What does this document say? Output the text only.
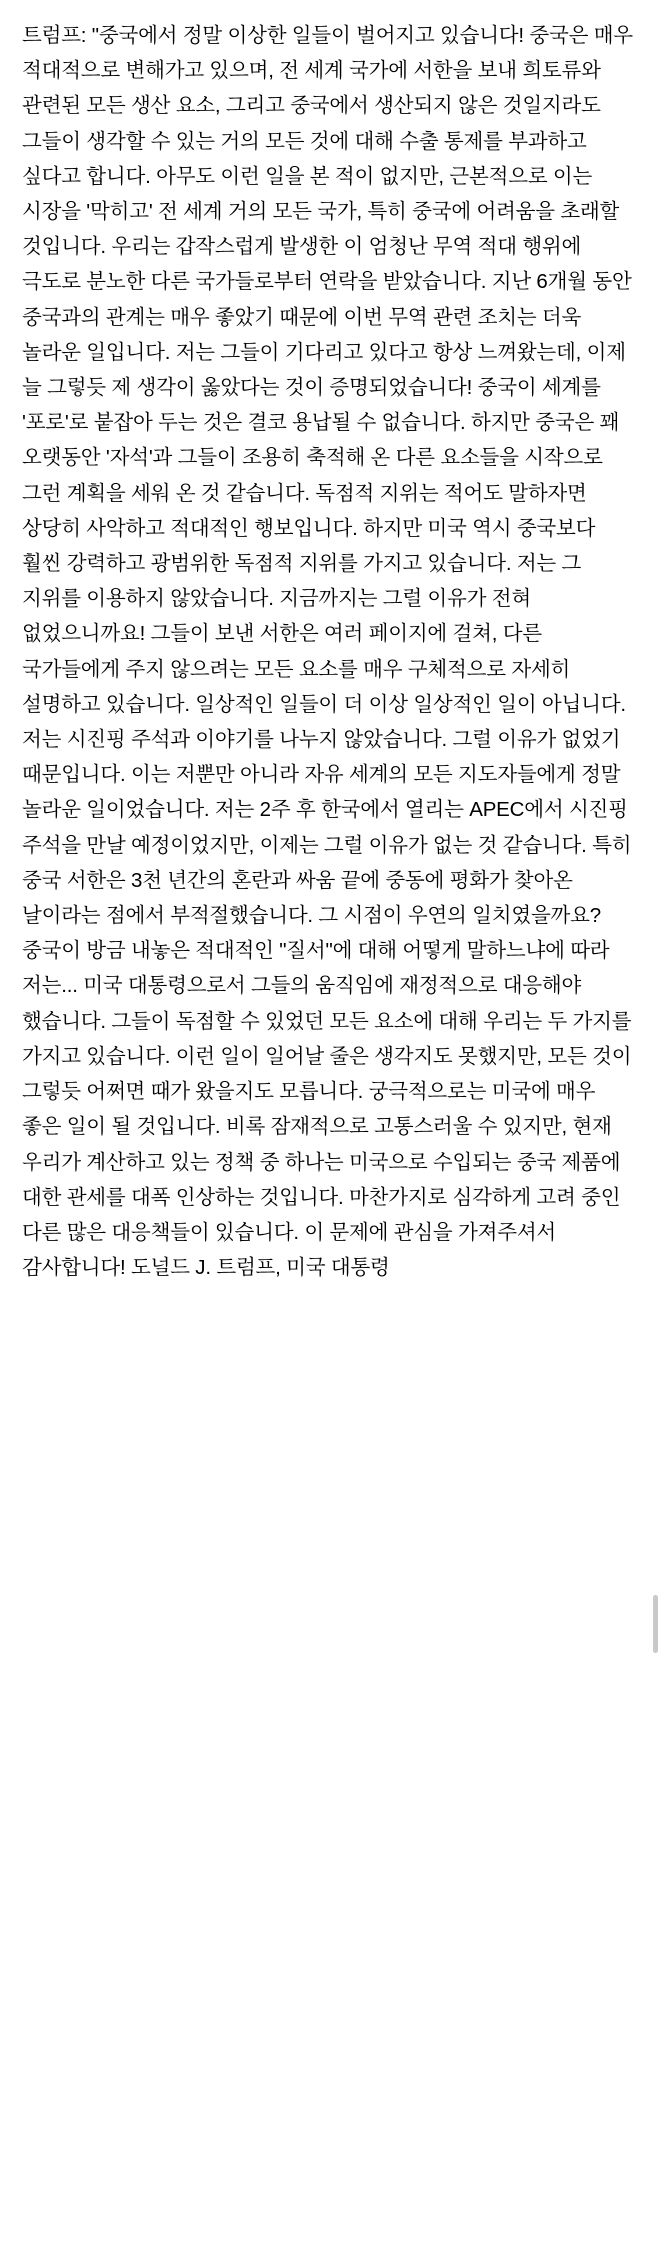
트럼프: "중국에서 정말 이상한 일들이 벌어지고 있습니다! 중국은 매우 적대적으로 변해가고 있으며, 전 세계 국가에 서한을 보내 희토류와 관련된 모든 생산 요소, 그리고 중국에서 생산되지 않은 것일지라도 그들이 생각할 수 있는 거의 모든 것에 대해 수출 통제를 부과하고 싶다고 합니다. 아무도 이런 일을 본 적이 없지만, 근본적으로 이는 시장을 '막히고' 전 세계 거의 모든 국가, 특히 중국에 어려움을 초래할 것입니다. 우리는 갑작스럽게 발생한 이 엄청난 무역 적대 행위에 극도로 분노한 다른 국가들로부터 연락을 받았습니다. 지난 6개월 동안 중국과의 관계는 매우 좋았기 때문에 이번 무역 관련 조치는 더욱 놀라운 일입니다. 저는 그들이 기다리고 있다고 항상 느껴왔는데, 이제 늘 그렇듯 제 생각이 옳았다는 것이 증명되었습니다! 중국이 세계를 '포로'로 붙잡아 두는 것은 결코 용납될 수 없습니다. 하지만 중국은 꽤 오랫동안 '자석'과 그들이 조용히 축적해 온 다른 요소들을 시작으로 그런 계획을 세워 온 것 같습니다. 독점적 지위는 적어도 말하자면 상당히 사악하고 적대적인 행보입니다. 하지만 미국 역시 중국보다 훨씬 강력하고 광범위한 독점적 지위를 가지고 있습니다. 저는 그 지위를 이용하지 않았습니다. 지금까지는 그럴 이유가 전혀 없었으니까요! 그들이 보낸 서한은 여러 페이지에 걸쳐, 다른 국가들에게 주지 않으려는 모든 요소를 매우 구체적으로 자세히 설명하고 있습니다. 일상적인 일들이 더 이상 일상적인 일이 아닙니다. 저는 시진핑 주석과 이야기를 나누지 않았습니다. 그럴 이유가 없었기 때문입니다. 이는 저뿐만 아니라 자유 세계의 모든 지도자들에게 정말 놀라운 일이었습니다. 저는 2주 후 한국에서 열리는 APEC에서 시진핑 주석을 만날 예정이었지만, 이제는 그럴 이유가 없는 것 같습니다. 특히 중국 서한은 3천 년간의 혼란과 싸움 끝에 중동에 평화가 찾아온 날이라는 점에서 부적절했습니다. 그 시점이 우연의 일치였을까요? 중국이 방금 내놓은 적대적인 "질서"에 대해 어떻게 말하느냐에 따라 저는... 미국 대통령으로서 그들의 움직임에 재정적으로 대응해야 했습니다. 그들이 독점할 수 있었던 모든 요소에 대해 우리는 두 가지를 가지고 있습니다. 이런 일이 일어날 줄은 생각지도 못했지만, 모든 것이 그렇듯 어쩌면 때가 왔을지도 모릅니다. 궁극적으로는 미국에 매우 좋은 일이 될 것입니다. 비록 잠재적으로 고통스러울 수 있지만, 현재 우리가 계산하고 있는 정책 중 하나는 미국으로 수입되는 중국 제품에 대한 관세를 대폭 인상하는 것입니다. 마찬가지로 심각하게 고려 중인 다른 많은 대응책들이 있습니다. 이 문제에 관심을 가져주셔서 감사합니다! 도널드 J. 트럼프, 미국 대통령
